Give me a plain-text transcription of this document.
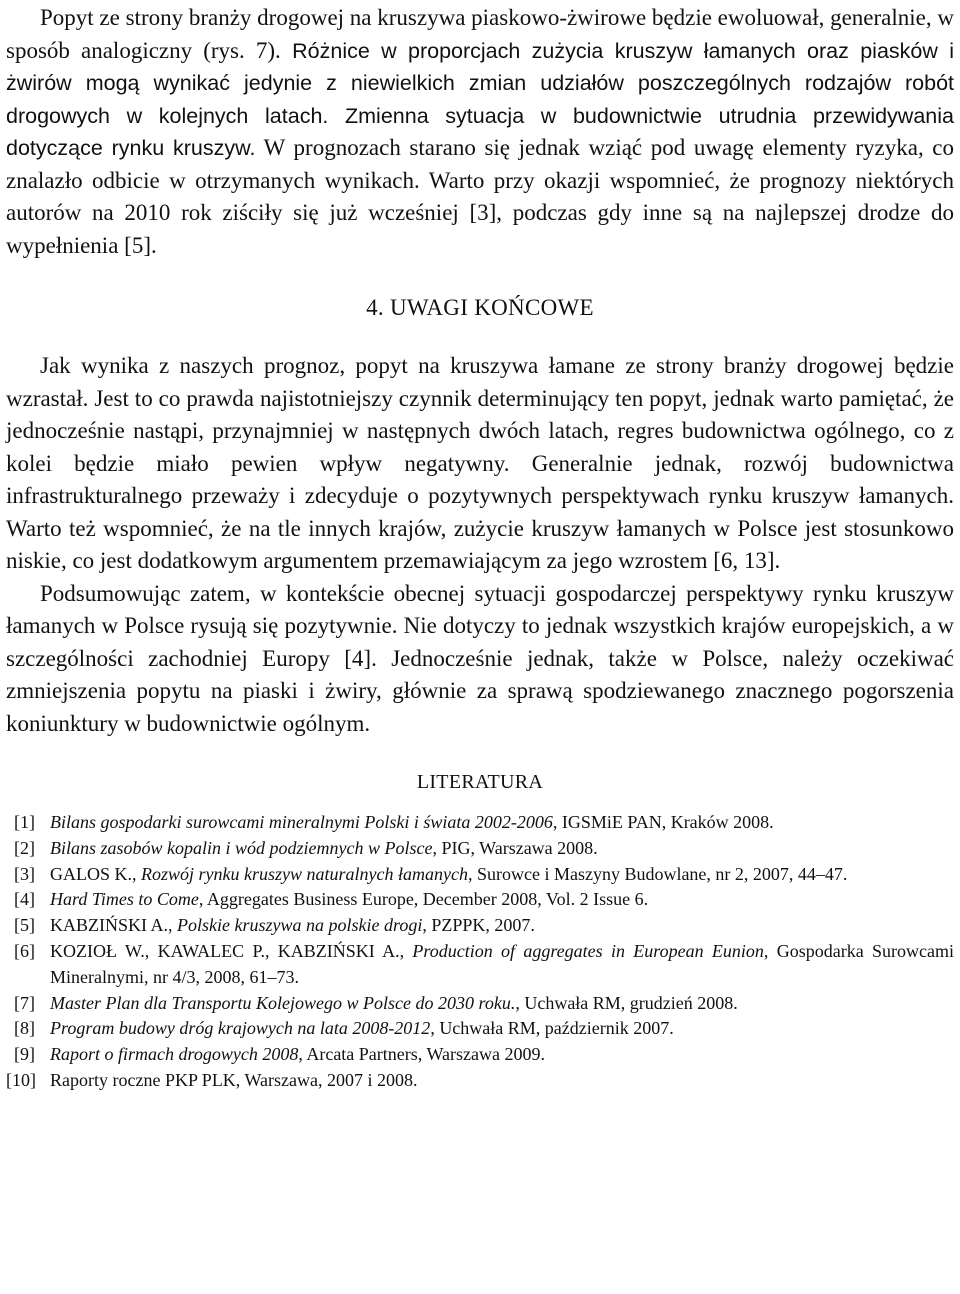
Popyt ze strony branży drogowej na kruszywa piaskowo-żwirowe będzie ewoluował, generalnie, w sposób analogiczny (rys. 7). Różnice w proporcjach zużycia kruszyw łamanych oraz piasków i żwirów mogą wynikać jedynie z niewielkich zmian udziałów poszczególnych rodzajów robót drogowych w kolejnych latach. Zmienna sytuacja w budownictwie utrudnia przewidywania dotyczące rynku kruszyw. W prognozach starano się jednak wziąć pod uwagę elementy ryzyka, co znalazło odbicie w otrzymanych wynikach. Warto przy okazji wspomnieć, że prognozy niektórych autorów na 2010 rok ziściły się już wcześniej [3], podczas gdy inne są na najlepszej drodze do wypełnienia [5].

4. UWAGI KOŃCOWE

Jak wynika z naszych prognoz, popyt na kruszywa łamane ze strony branży drogowej będzie wzrastał. Jest to co prawda najistotniejszy czynnik determinujący ten popyt, jednak warto pamiętać, że jednocześnie nastąpi, przynajmniej w następnych dwóch latach, regres budownictwa ogólnego, co z kolei będzie miało pewien wpływ negatywny. Generalnie jednak, rozwój budownictwa infrastrukturalnego przeważy i zdecyduje o pozytywnych perspektywach rynku kruszyw łamanych. Warto też wspomnieć, że na tle innych krajów, zużycie kruszyw łamanych w Polsce jest stosunkowo niskie, co jest dodatkowym argumentem przemawiającym za jego wzrostem [6, 13].

Podsumowując zatem, w kontekście obecnej sytuacji gospodarczej perspektywy rynku kruszyw łamanych w Polsce rysują się pozytywnie. Nie dotyczy to jednak wszystkich krajów europejskich, a w szczególności zachodniej Europy [4]. Jednocześnie jednak, także w Polsce, należy oczekiwać zmniejszenia popytu na piaski i żwiry, głównie za sprawą spodziewanego znacznego pogorszenia koniunktury w budownictwie ogólnym.

LITERATURA
[1] Bilans gospodarki surowcami mineralnymi Polski i świata 2002-2006, IGSMiE PAN, Kraków 2008.
[2] Bilans zasobów kopalin i wód podziemnych w Polsce, PIG, Warszawa 2008.
[3] GALOS K., Rozwój rynku kruszyw naturalnych łamanych, Surowce i Maszyny Budowlane, nr 2, 2007, 44–47.
[4] Hard Times to Come, Aggregates Business Europe, December 2008, Vol. 2 Issue 6.
[5] KABZIŃSKI A., Polskie kruszywa na polskie drogi, PZPPK, 2007.
[6] KOZIOŁ W., KAWALEC P., KABZIŃSKI A., Production of aggregates in European Eunion, Gospodarka Surowcami Mineralnymi, nr 4/3, 2008, 61–73.
[7] Master Plan dla Transportu Kolejowego w Polsce do 2030 roku., Uchwała RM, grudzień 2008.
[8] Program budowy dróg krajowych na lata 2008-2012, Uchwała RM, październik 2007.
[9] Raport o firmach drogowych 2008, Arcata Partners, Warszawa 2009.
[10] Raporty roczne PKP PLK, Warszawa, 2007 i 2008.
